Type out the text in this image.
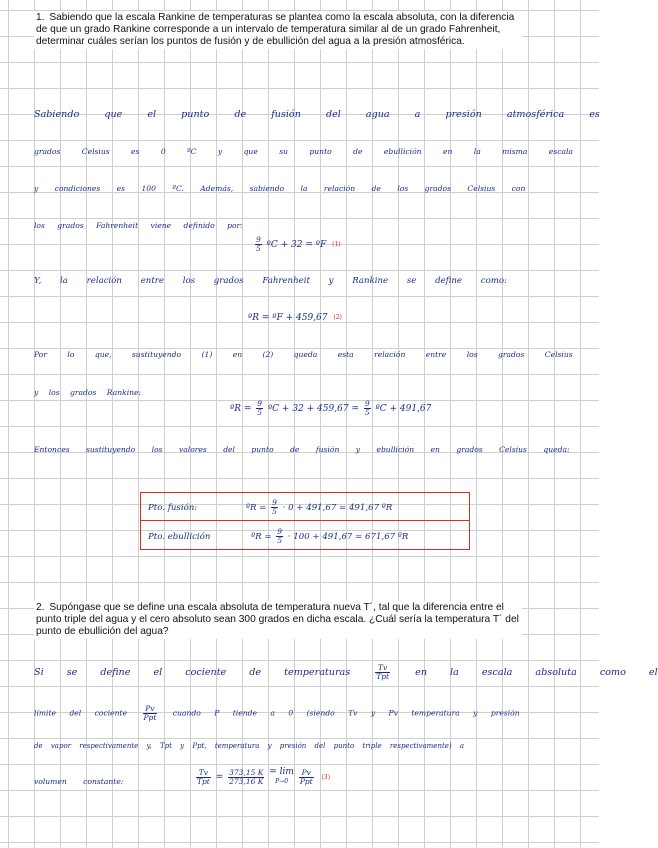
1. Sabiendo que la escala Rankine de temperaturas se plantea como la escala absoluta, con la diferencia de que un grado Rankine corresponde a un intervalo de temperatura similar al de un grado Fahrenheit, determinar cuáles serían los puntos de fusión y de ebullición del agua a la presión atmosférica.
Sabiendo que el punto de fusión del agua a presión atmosférica es
grados Celsius es 0 ºC y que su punto de ebullición en la misma escala
y condiciones es 100 ºC. Además, sabiendo la relación de los grados Celsius con
los grados Fahrenheit viene definido por:
$\frac{9}{5}$ ºC + 32 = ºF (1)
Y, la relación entre los grados Fahrenheit y Rankine se define como:
ºR = ºF + 459,67 (2)
Por lo que, sustituyendo (1) en (2) queda esta relación entre los grados Celsius
y los grados Rankine:
ºR = $\frac{9}{5}$ ºC + $32 + 459,67 = \frac{9}{5}$ ºC + 491,67
Entonces sustituyendo los valores del punto de fusión y ebullición en grados Celsius queda:
Pto. fusión:	ºR = $\frac{9}{5} \cdot 0 + 491,67 = 491,67$ ºR
Pto. ebullición	ºR = $\frac{9}{5} \cdot 100 + 491,67 = 671,67$ ºR
2. Supóngase que se define una escala absoluta de temperatura nueva T´, tal que la diferencia entre el punto triple del agua y el cero absoluto sean 300 grados en dicha escala. ¿Cuál sería la temperatura T´ del punto de ebullición del agua?
Si se define el cociente de temperaturas	$\frac{Tv}{\text{Tpt}}$	en la escala absoluta como el
límite del cociente $\frac{Pv}{\text{Ppt}}$ cuando P tiende a 0 (siendo Tv y Pv temperatura y presión
de vapor respectivamente y, Tpt y Ppt, temperatura y presión del punto triple respectivamente) a
volumen constante:	$\frac{Tv}{\text{Tpt}} = \frac{373,15 K}{273,16 K}$
= lim
P→0
	$\frac{Pv}{\text{Ppt}} (3)$
